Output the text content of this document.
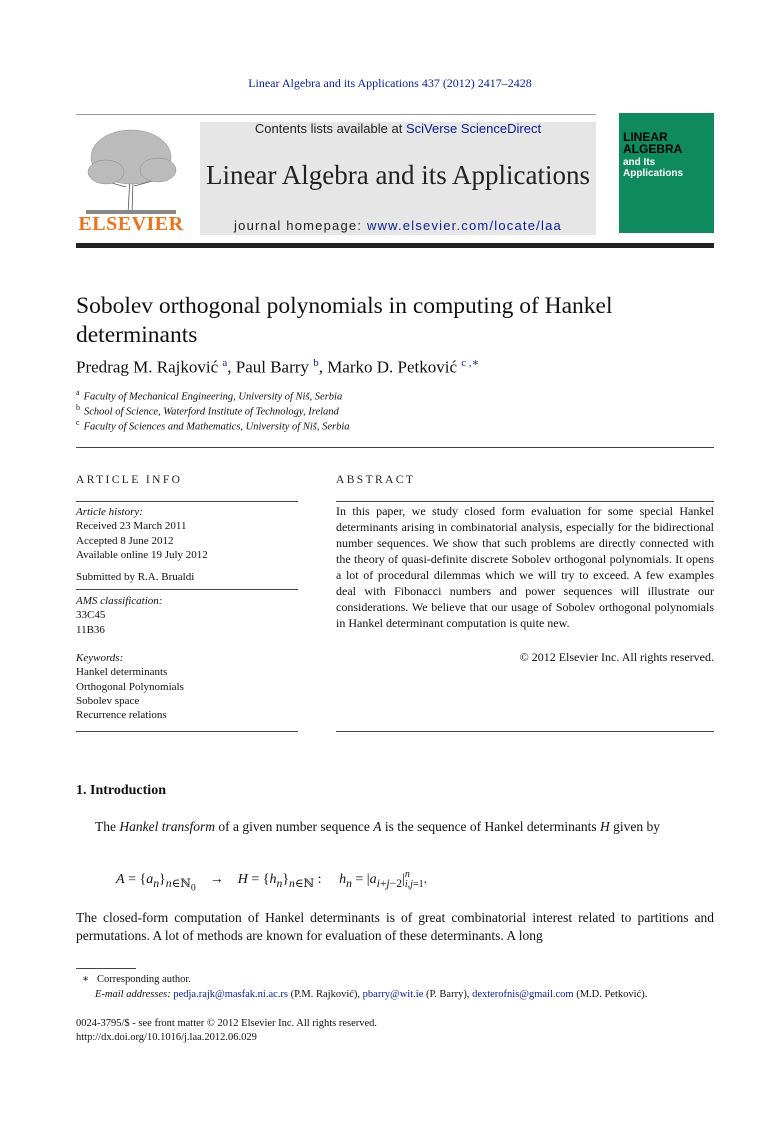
Linear Algebra and its Applications 437 (2012) 2417–2428
ELSEVIER
Contents lists available at SciVerse ScienceDirect
Linear Algebra and its Applications
journal homepage: www.elsevier.com/locate/laa
LINEAR ALGEBRA
and Its Applications
Sobolev orthogonal polynomials in computing of Hankel determinants
Predrag M. Rajković $^a$, Paul Barry $^b$, Marko D. Petković $^{c ,∗}$
$^a$ Faculty of Mechanical Engineering, University of Niš, Serbia
$^b$ School of Science, Waterford Institute of Technology, Ireland
$^c$ Faculty of Sciences and Mathematics, University of Niš, Serbia
ARTICLE INFO
Article history:
Received 23 March 2011
Accepted 8 June 2012
Available online 19 July 2012
Submitted by R.A. Brualdi
AMS classification:
33C45
11B36
Keywords:
Hankel determinants
Orthogonal Polynomials
Sobolev space
Recurrence relations
ABSTRACT
In this paper, we study closed form evaluation for some special Hankel determinants arising in combinatorial analysis, especially for the bidirectional number sequences. We show that such problems are directly connected with the theory of quasi-definite discrete Sobolev orthogonal polynomials. It opens a lot of procedural dilemmas which we will try to exceed. A few examples deal with Fibonacci numbers and power sequences will illustrate our considerations. We believe that our usage of Sobolev orthogonal polynomials in Hankel determinant computation is quite new.
© 2012 Elsevier Inc. All rights reserved.
1. Introduction
The Hankel transform of a given number sequence A is the sequence of Hankel determinants H given by
$A = \{a_n\}_{n\in ℕ_0}$    →    $H = \{h_n\}_{n\in ℕ}$ :     $h_n = |a_{i+j-2}|n$
i,j=1.
The closed-form computation of Hankel determinants is of great combinatorial interest related to partitions and permutations. A lot of methods are known for evaluation of these determinants. A long
∗ Corresponding author.
E-mail addresses: pedja.rajk@masfak.ni.ac.rs (P.M. Rajković), pbarry@wit.ie (P. Barry), dexterofnis@gmail.com (M.D. Petković).
0024-3795/$ - see front matter © 2012 Elsevier Inc. All rights reserved.
http://dx.doi.org/10.1016/j.laa.2012.06.029
